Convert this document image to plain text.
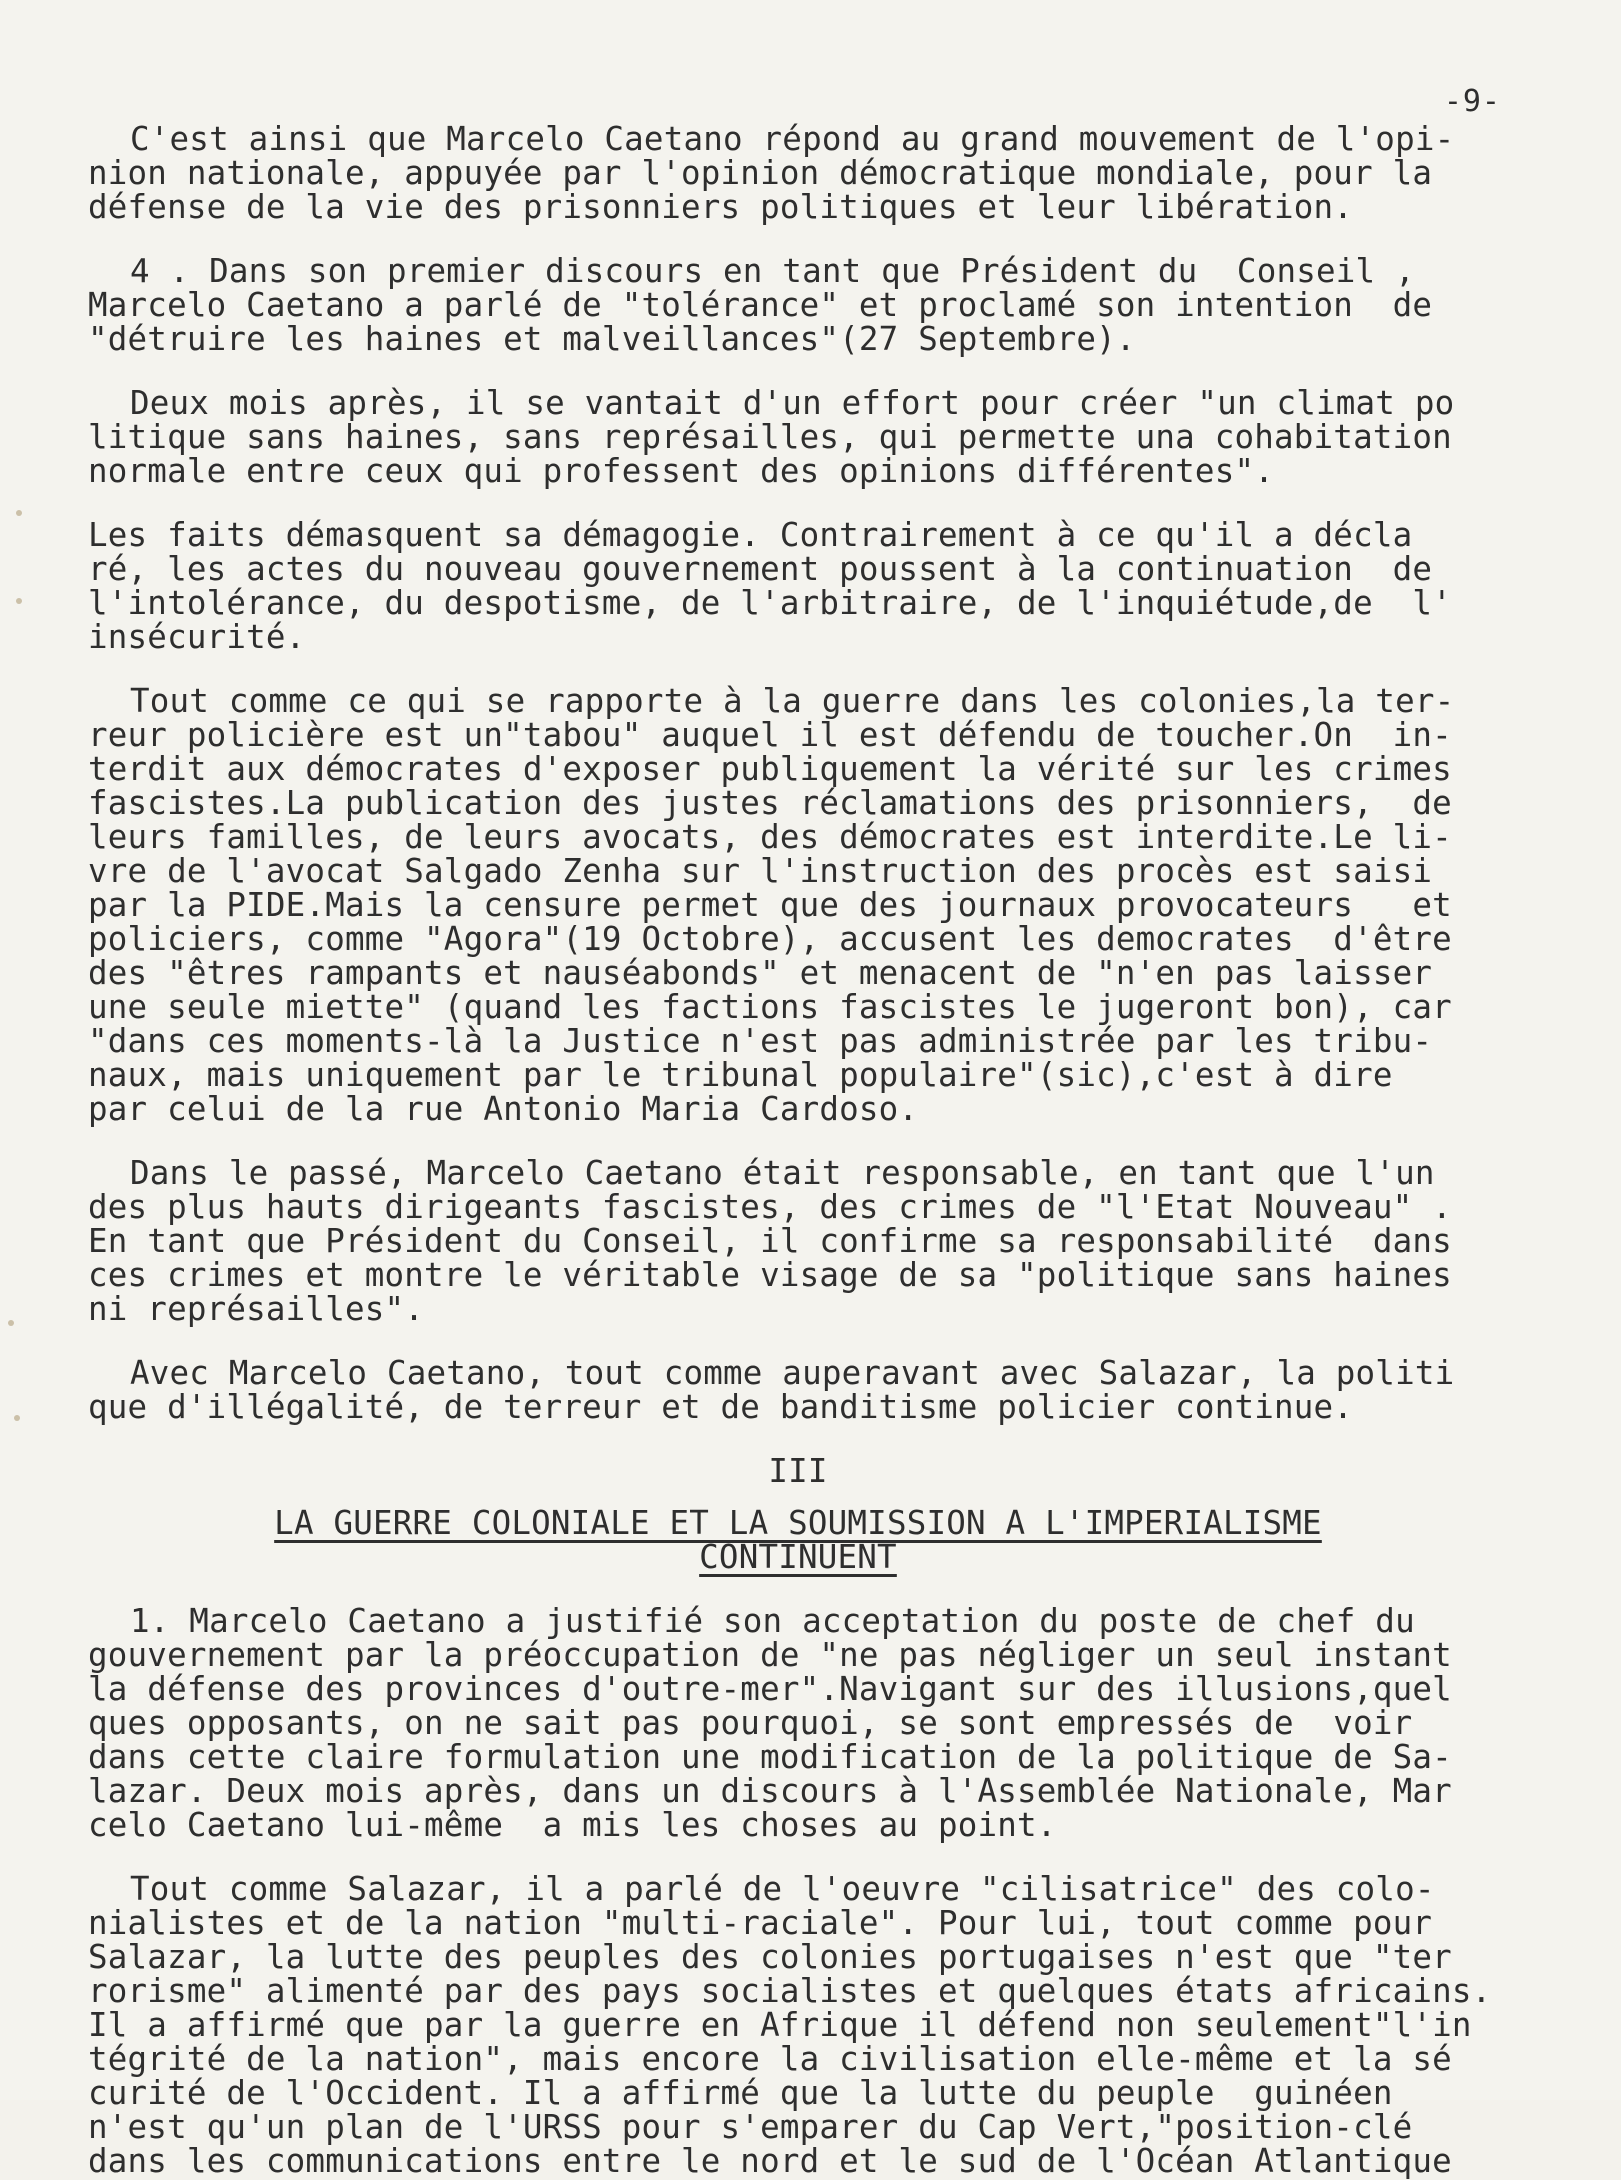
-9-
C'est ainsi que Marcelo Caetano répond au grand mouvement de l'opi-
nion nationale, appuyée par l'opinion démocratique mondiale, pour la
défense de la vie des prisonniers politiques et leur libération.
4 . Dans son premier discours en tant que Président du  Conseil ,
Marcelo Caetano a parlé de "tolérance" et proclamé son intention  de
"détruire les haines et malveillances"(27 Septembre).
Deux mois après, il se vantait d'un effort pour créer "un climat po
litique sans haines, sans représailles, qui permette una cohabitation
normale entre ceux qui professent des opinions différentes".
Les faits démasquent sa démagogie. Contrairement à ce qu'il a décla
ré, les actes du nouveau gouvernement poussent à la continuation  de
l'intolérance, du despotisme, de l'arbitraire, de l'inquiétude,de  l'
insécurité.
Tout comme ce qui se rapporte à la guerre dans les colonies,la ter-
reur policière est un"tabou" auquel il est défendu de toucher.On  in-
terdit aux démocrates d'exposer publiquement la vérité sur les crimes
fascistes.La publication des justes réclamations des prisonniers,  de
leurs familles, de leurs avocats, des démocrates est interdite.Le li-
vre de l'avocat Salgado Zenha sur l'instruction des procès est saisi
par la PIDE.Mais la censure permet que des journaux provocateurs   et
policiers, comme "Agora"(19 Octobre), accusent les democrates  d'être
des "êtres rampants et nauséabonds" et menacent de "n'en pas laisser
une seule miette" (quand les factions fascistes le jugeront bon), car
"dans ces moments-là la Justice n'est pas administrée par les tribu-
naux, mais uniquement par le tribunal populaire"(sic),c'est à dire
par celui de la rue Antonio Maria Cardoso.
Dans le passé, Marcelo Caetano était responsable, en tant que l'un
des plus hauts dirigeants fascistes, des crimes de "l'Etat Nouveau" .
En tant que Président du Conseil, il confirme sa responsabilité  dans
ces crimes et montre le véritable visage de sa "politique sans haines
ni représailles".
Avec Marcelo Caetano, tout comme auperavant avec Salazar, la politi
que d'illégalité, de terreur et de banditisme policier continue.
III
LA GUERRE COLONIALE ET LA SOUMISSION A L'IMPERIALISME
CONTINUENT
1. Marcelo Caetano a justifié son acceptation du poste de chef du
gouvernement par la préoccupation de "ne pas négliger un seul instant
la défense des provinces d'outre-mer".Navigant sur des illusions,quel
ques opposants, on ne sait pas pourquoi, se sont empressés de  voir
dans cette claire formulation une modification de la politique de Sa-
lazar. Deux mois après, dans un discours à l'Assemblée Nationale, Mar
celo Caetano lui-même  a mis les choses au point.
Tout comme Salazar, il a parlé de l'oeuvre "cilisatrice" des colo-
nialistes et de la nation "multi-raciale". Pour lui, tout comme pour
Salazar, la lutte des peuples des colonies portugaises n'est que "ter
rorisme" alimenté par des pays socialistes et quelques états africains.
Il a affirmé que par la guerre en Afrique il défend non seulement"l'in
tégrité de la nation", mais encore la civilisation elle-même et la sé
curité de l'Occident. Il a affirmé que la lutte du peuple  guinéen
n'est qu'un plan de l'URSS pour s'emparer du Cap Vert,"position-clé
dans les communications entre le nord et le sud de l'Océan Atlantique
